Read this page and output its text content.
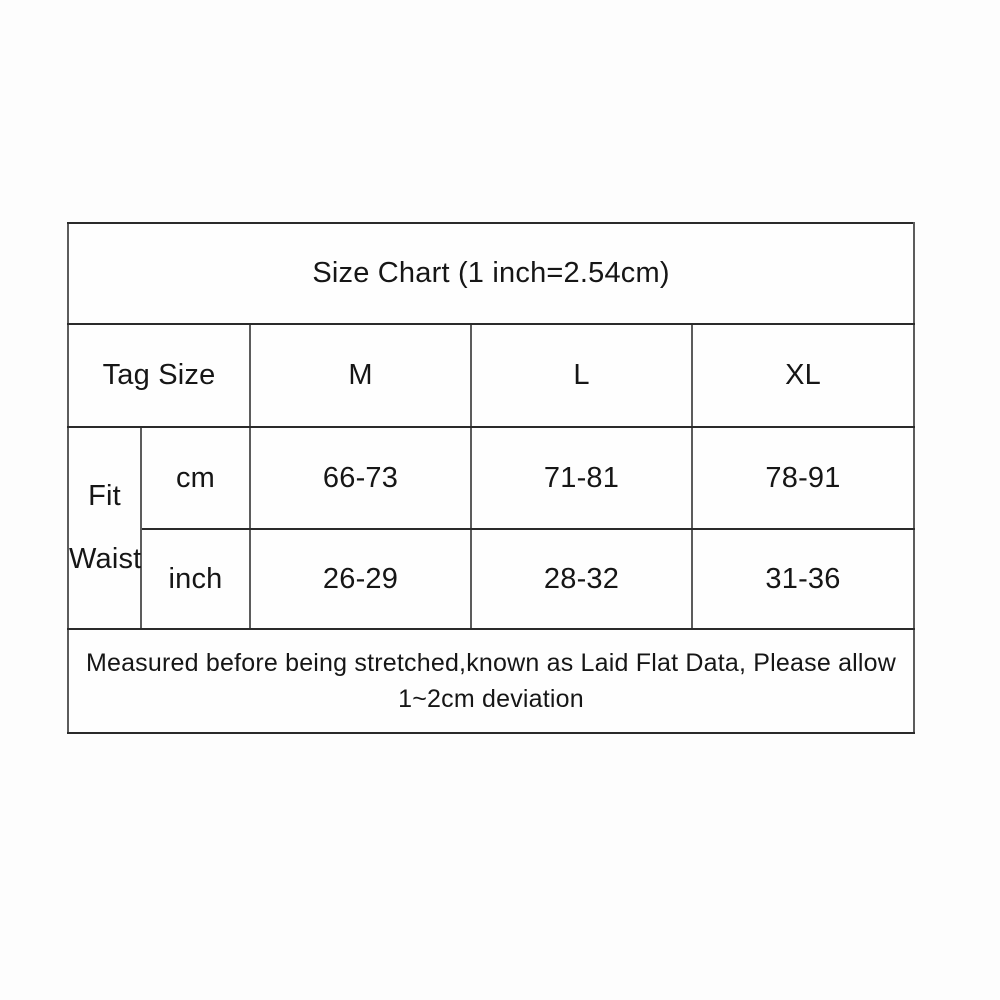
Size Chart (1 inch=2.54cm)				
Tag Size		M	L	XL

Fit
Waist	cm	66-73	71-81	78-91
	inch	26-29	28-32	31-36

Measured before being stretched,known as Laid Flat Data, Please allow
1~2cm deviation				
